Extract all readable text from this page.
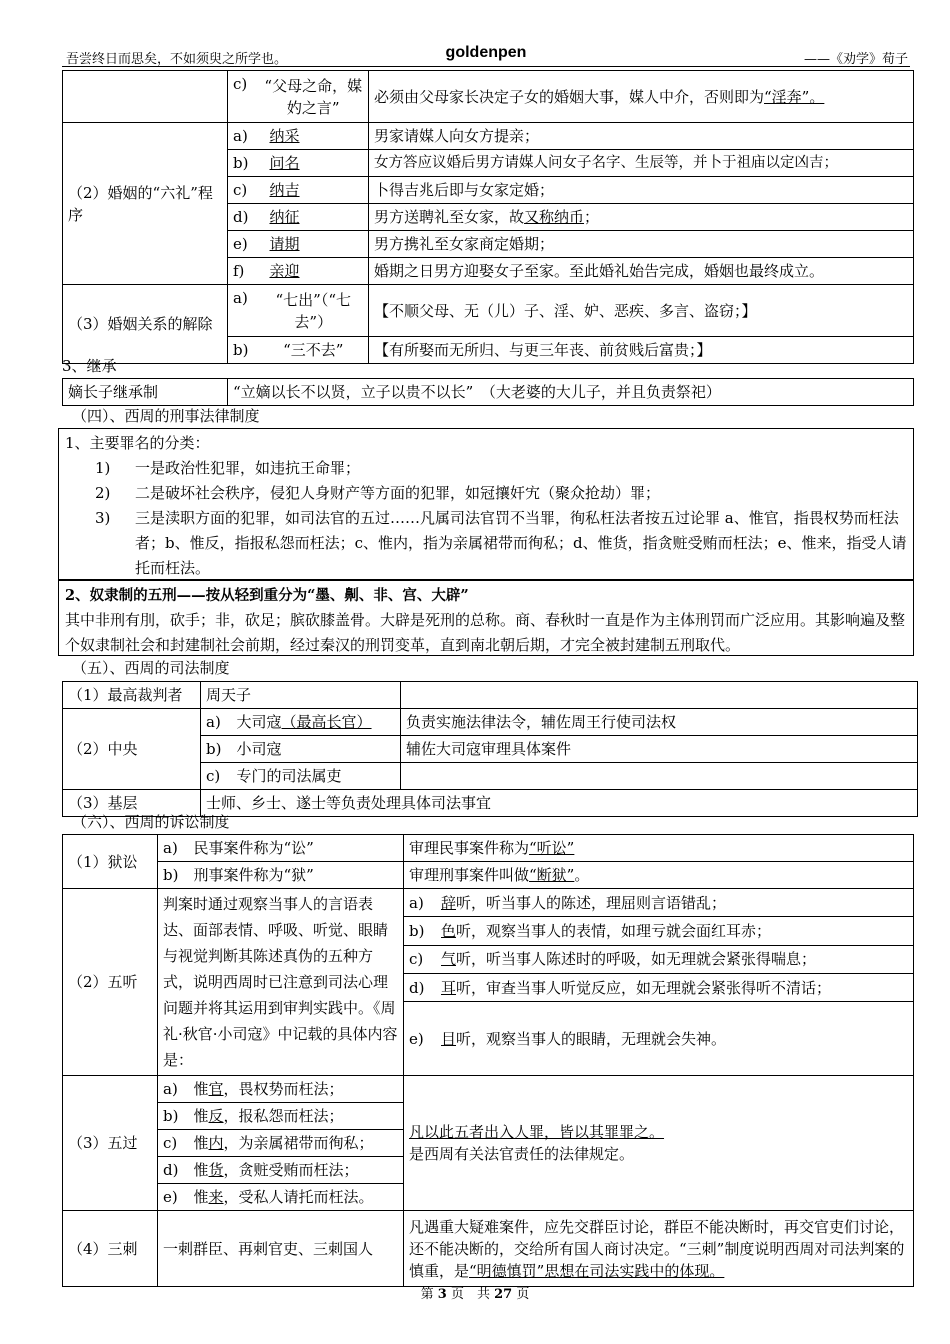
吾尝终日而思矣，不如须臾之所学也。	goldenpen	——《劝学》荀子
	c)	“父母之命，媒妁之言”	必须由父母家长决定子女的婚姻大事，媒人中介，否则即为“淫奔”。
（2）婚姻的“六礼”程序	a)	纳采	男家请媒人向女方提亲；
	b)	问名	女方答应议婚后男方请媒人问女子名字、生辰等，并卜于祖庙以定凶吉；
	c)	纳吉	卜得吉兆后即与女家定婚；
	d)	纳征	男方送聘礼至女家，故又称纳币；
	e)	请期	男方携礼至女家商定婚期；
	f)	亲迎	婚期之日男方迎娶女子至家。至此婚礼始告完成，婚姻也最终成立。
（3）婚姻关系的解除	a)	“七出”（“七去”）	【不顺父母、无（儿）子、淫、妒、恶疾、多言、盗窃；】
	b)	“三不去”	【有所娶而无所归、与更三年丧、前贫贱后富贵；】
3、继承
嫡长子继承制	“立嫡以长不以贤，立子以贵不以长”　（大老婆的大儿子，并且负责祭祀）
（四）、西周的刑事法律制度
1、主要罪名的分类：
1) 一是政治性犯罪，如违抗王命罪；
2) 二是破坏社会秩序，侵犯人身财产等方面的犯罪，如冠攘奸宄（聚众抢劫）罪；
3) 三是渎职方面的犯罪，如司法官的五过……凡属司法官罚不当罪，徇私枉法者按五过论罪 a、惟官，指畏权势而枉法者；b、惟反，指报私怨而枉法；c、惟内，指为亲属裙带而徇私；d、惟货，指贪赃受贿而枉法；e、惟来，指受人请托而枉法。
2、奴隶制的五刑——按从轻到重分为“墨、劓、非、宫、大辟”
其中非刑有刖，砍手；非，砍足；膑砍膝盖骨。大辟是死刑的总称。商、春秋时一直是作为主体刑罚而广泛应用。其影响遍及整个奴隶制社会和封建制社会前期，经过秦汉的刑罚变革，直到南北朝后期，才完全被封建制五刑取代。
（五）、西周的司法制度
（1）最高裁判者	周天子		
（2）中央	a)	大司寇（最高长官）	负责实施法律法令，辅佐周王行使司法权
	b)	小司寇	辅佐大司寇审理具体案件
	c)	专门的司法属吏	
（3）基层	士师、乡士、遂士等负责处理具体司法事宜		
（六）、西周的诉讼制度
（1）狱讼	a)	民事案件称为“讼”	审理民事案件称为“听讼”
	b)	刑事案件称为“狱”	审理刑事案件叫做“断狱”。
（2）五听	判案时通过观察当事人的言语表达、面部表情、呼吸、听觉、眼睛与视觉判断其陈述真伪的五种方式，说明西周时已注意到司法心理问题并将其运用到审判实践中。《周礼·秋官·小司寇》中记载的具体内容是：		a) 辞听，听当事人的陈述，理屈则言语错乱；
			b) 色听，观察当事人的表情，如理亏就会面红耳赤；
			c) 气听，听当事人陈述时的呼吸，如无理就会紧张得喘息；
			d) 耳听，审查当事人听觉反应，如无理就会紧张得听不清话；
			e) 目听，观察当事人的眼睛，无理就会失神。
（3）五过	a)	惟官，畏权势而枉法；	凡以此五者出入人罪，皆以其罪罪之。
是西周有关法官责任的法律规定。

	b)	惟反，报私怨而枉法；	
	c)	惟内，为亲属裙带而徇私；	
	d)	惟货，贪赃受贿而枉法；	
	e)	惟来，受私人请托而枉法。	
（4）三刺	一刺群臣、再刺官吏、三刺国人		凡遇重大疑难案件，应先交群臣讨论，群臣不能决断时，再交官吏们讨论，还不能决断的，交给所有国人商讨决定。“三刺”制度说明西周对司法判案的慎重，是“明德慎罚”思想在司法实践中的体现。
第 3 页　共 27 页
